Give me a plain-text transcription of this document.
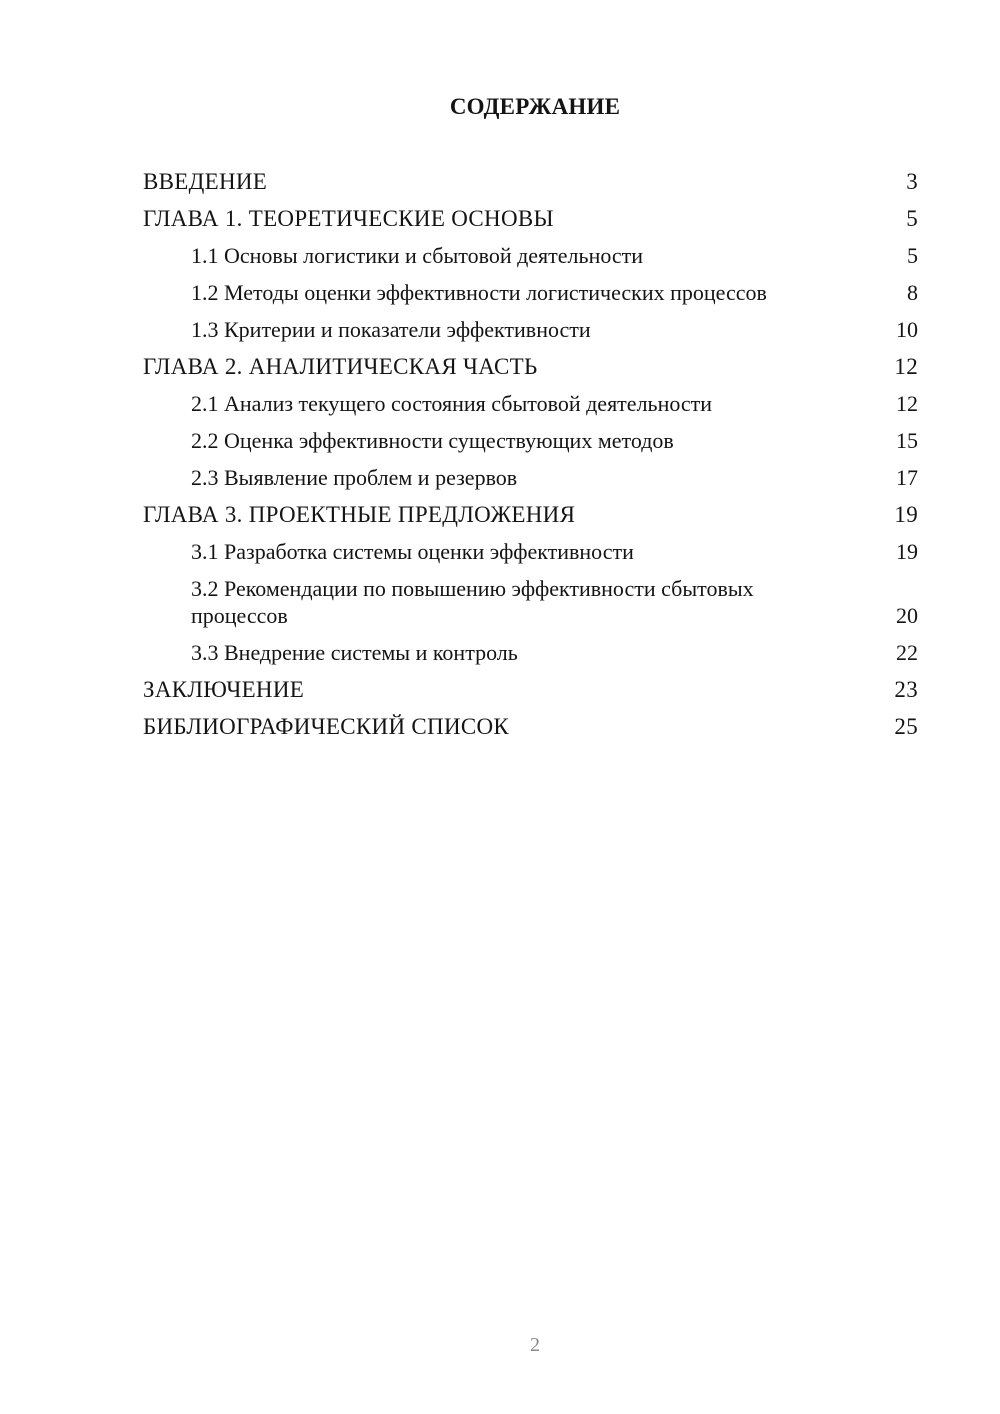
СОДЕРЖАНИЕ
ВВЕДЕНИЕ	3
ГЛАВА 1. ТЕОРЕТИЧЕСКИЕ ОСНОВЫ	5
1.1 Основы логистики и сбытовой деятельности	5
1.2 Методы оценки эффективности логистических процессов	8
1.3 Критерии и показатели эффективности	10
ГЛАВА 2. АНАЛИТИЧЕСКАЯ ЧАСТЬ	12
2.1 Анализ текущего состояния сбытовой деятельности	12
2.2 Оценка эффективности существующих методов	15
2.3 Выявление проблем и резервов	17
ГЛАВА 3. ПРОЕКТНЫЕ ПРЕДЛОЖЕНИЯ	19
3.1 Разработка системы оценки эффективности	19
3.2 Рекомендации по повышению эффективности сбытовых процессов	20
3.3 Внедрение системы и контроль	22
ЗАКЛЮЧЕНИЕ	23
БИБЛИОГРАФИЧЕСКИЙ СПИСОК	25
2
